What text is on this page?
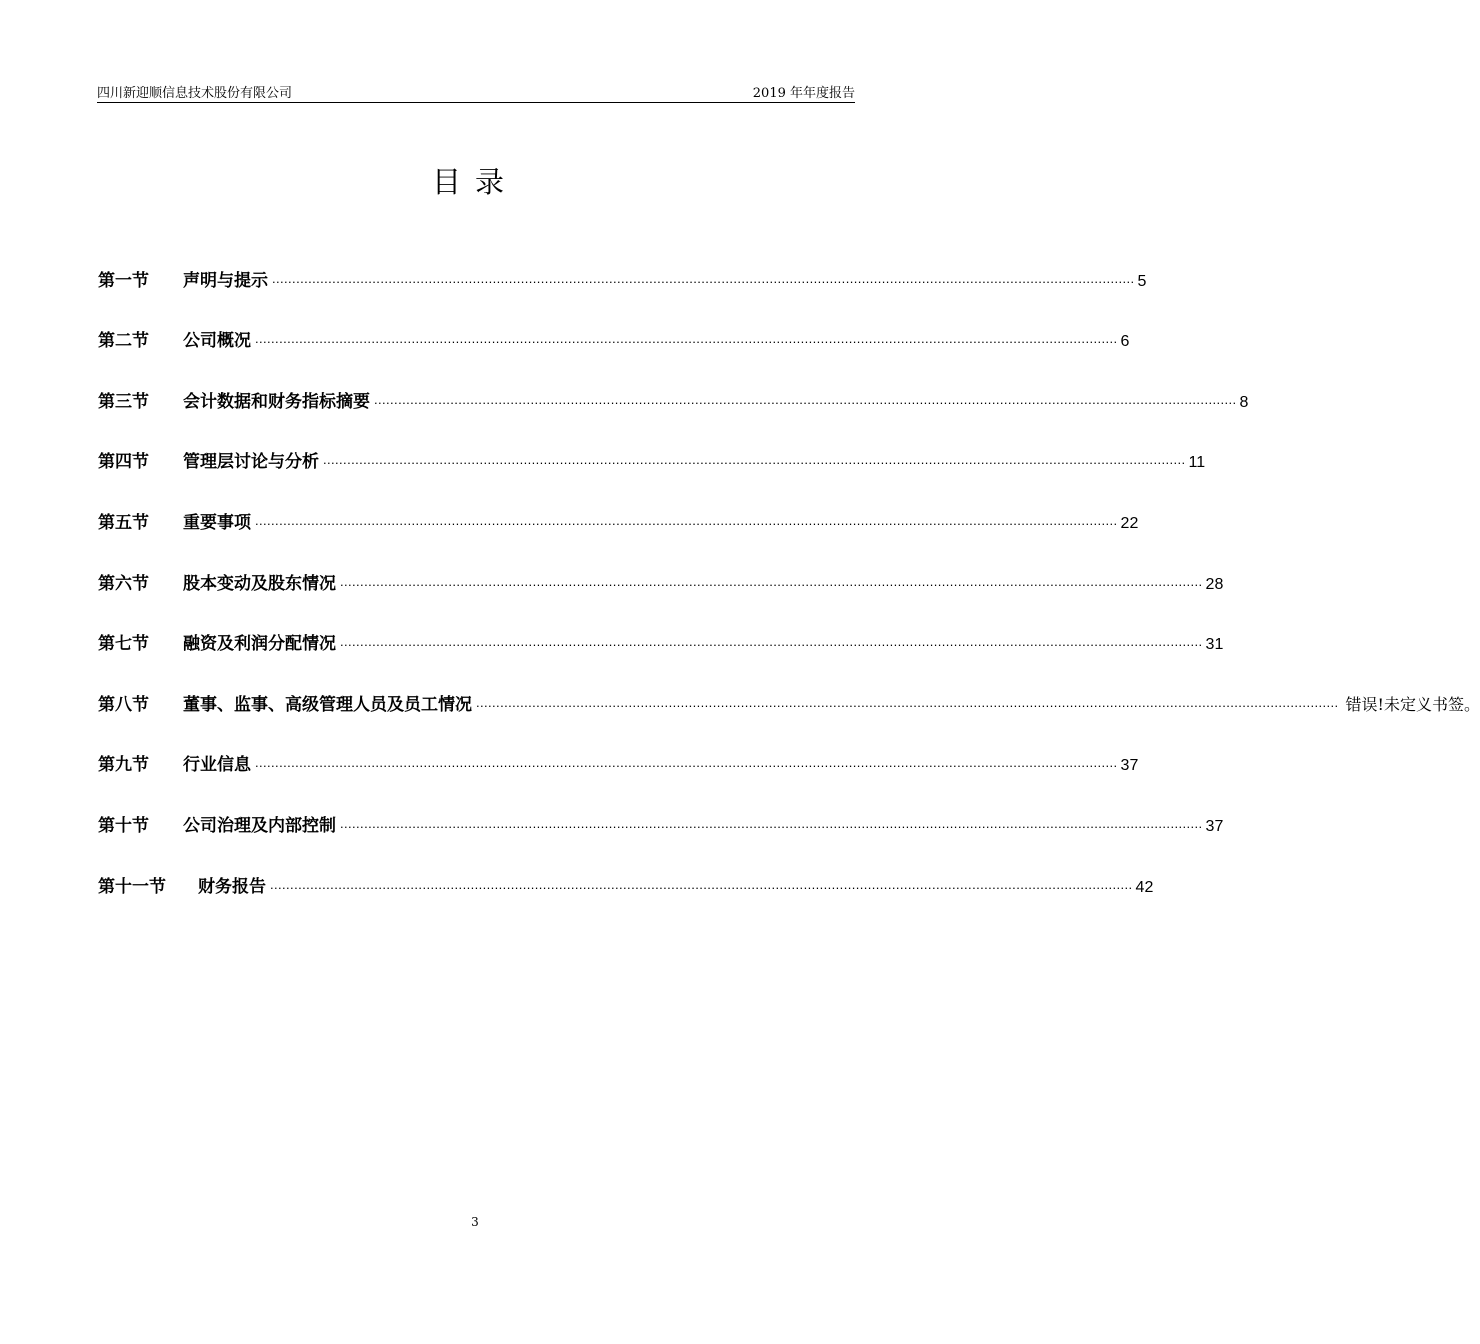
四川新迎顺信息技术股份有限公司	2019 年年度报告
目录
第一节	声明与提示 ....................................................................................................................................................................................................................... 5
第二节	公司概况 ....................................................................................................................................................................................................................... 6
第三节	会计数据和财务指标摘要 ....................................................................................................................................................................................................................... 8
第四节	管理层讨论与分析 ....................................................................................................................................................................................................................... 11
第五节	重要事项 ....................................................................................................................................................................................................................... 22
第六节	股本变动及股东情况 ....................................................................................................................................................................................................................... 28
第七节	融资及利润分配情况 ....................................................................................................................................................................................................................... 31
第八节	董事、监事、高级管理人员及员工情况 ....................................................................................................................................................................................................................... 错误!未定义书签。
第九节	行业信息 ....................................................................................................................................................................................................................... 37
第十节	公司治理及内部控制 ....................................................................................................................................................................................................................... 37
第十一节	财务报告 ....................................................................................................................................................................................................................... 42
3
